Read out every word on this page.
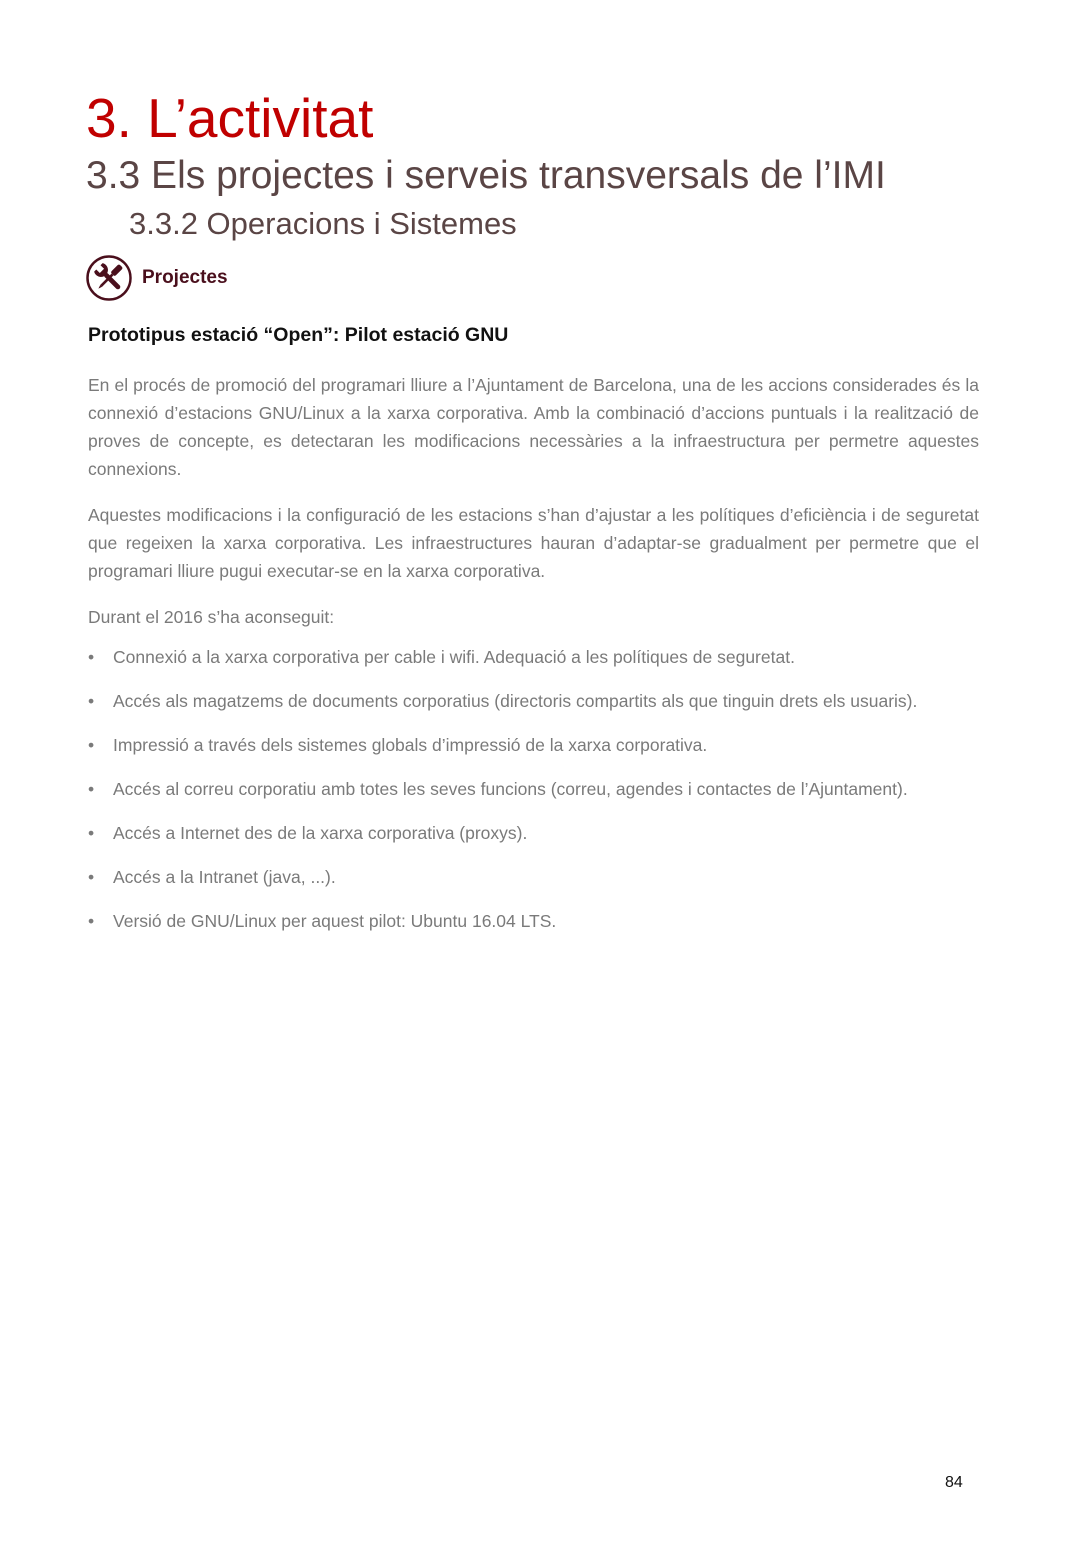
3. L’activitat
3.3 Els projectes i serveis transversals de l’IMI
3.3.2 Operacions i Sistemes
Projectes
Prototipus estació “Open”: Pilot estació GNU

En el procés de promoció del programari lliure a l’Ajuntament de Barcelona, una de les accions considerades és la connexió d’estacions GNU/Linux a la xarxa corporativa. Amb la combinació d’accions puntuals i la realització de proves de concepte, es detectaran les modificacions necessàries a la infraestructura per permetre aquestes connexions.

Aquestes modificacions i la configuració de les estacions s’han d’ajustar a les polítiques d’eficiència i de seguretat que regeixen la xarxa corporativa. Les infraestructures hauran d’adaptar-se gradualment per permetre que el programari lliure pugui executar-se en la xarxa corporativa.

Durant el 2016 s’ha aconseguit:

• Connexió a la xarxa corporativa per cable i wifi. Adequació a les polítiques de seguretat.
• Accés als magatzems de documents corporatius (directoris compartits als que tinguin drets els usuaris).
• Impressió a través dels sistemes globals d’impressió de la xarxa corporativa.
• Accés al correu corporatiu amb totes les seves funcions (correu, agendes i contactes de l’Ajuntament).
• Accés a Internet des de la xarxa corporativa (proxys).
• Accés a la Intranet (java, ...).
• Versió de GNU/Linux per aquest pilot: Ubuntu 16.04 LTS.
84
